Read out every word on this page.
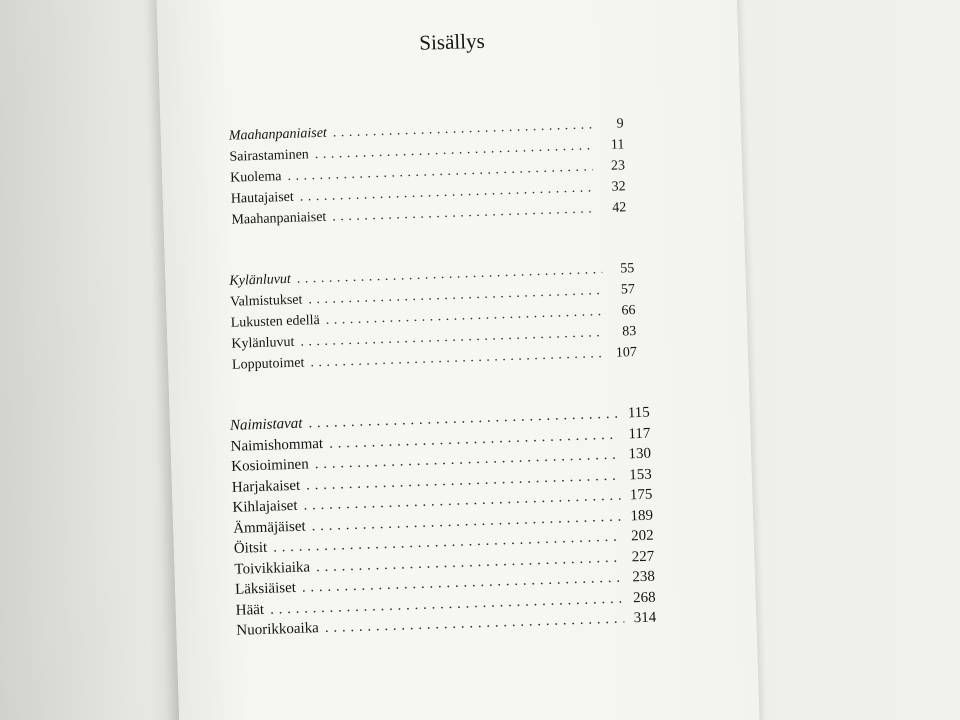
Sisällys
Maahanpaniaiset
. . .
9
Sairastaminen
. . .
11
Kuolema
. . .
23
Hautajaiset
. . .
32
Maahanpaniaiset
. . .
42
Kylänluvut
. . .
55
Valmistukset
. . .
57
Lukusten edellä
. . .
66
Kylänluvut
. . .
83
Lopputoimet
. . .
107
Naimistavat
. . .
115
Naimishommat
. . .
117
Kosioiminen
. . .
130
Harjakaiset
. . .
153
Kihlajaiset
. . .
175
Ämmäjäiset
. . .
189
Öitsit
. . .
202
Toivikkiaika
. . .
227
Läksiäiset
. . .
238
Häät
. . .
268
Nuorikkoaika
. . .
314
